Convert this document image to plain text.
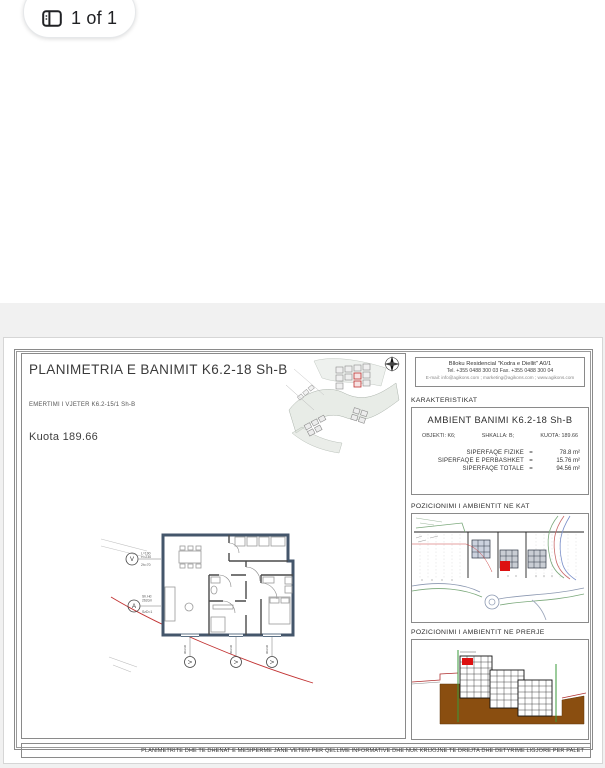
1 of 1
PLANIMETRIA E BANIMIT K6.2-18 Sh-B
EMERTIMI I VJETER K6.2-15/1 Sh-B
Kuota 189.66
V
L=190
H=230
2h=70
A
Sh.Hd
262cm
SzD=1
V	V	V
90/230	80/230	90/230
Blloku Residencial "Kodra e Diellit" A0/1
Tel. +355 0488 300 03 Fax. +355 0488 300 04
E-mail: info@agikons.com ; marketing@agikons.com ; www.agikons.com
KARAKTERISTIKAT
AMBIENT BANIMI K6.2-18 Sh-B
OBJEKTI: K6;	SHKALLA: B;	KUOTA: 189.66
SIPERFAQE FIZIKE =	78.8 m²
SIPERFAQE E PERBASHKET =	15.76 m²
SIPERFAQE TOTALE =	94.56 m²
POZICIONIMI I AMBIENTIT NE KAT
POZICIONIMI I AMBIENTIT NE PRERJE
PLANIMETRITE DHE TE DHENAT E MESIPERME JANE VETEM PER QELLIME INFORMATIVE DHE NUK KRIJOJNE TE DREJTA DHE DETYRIME LIGJORE PER PALET
